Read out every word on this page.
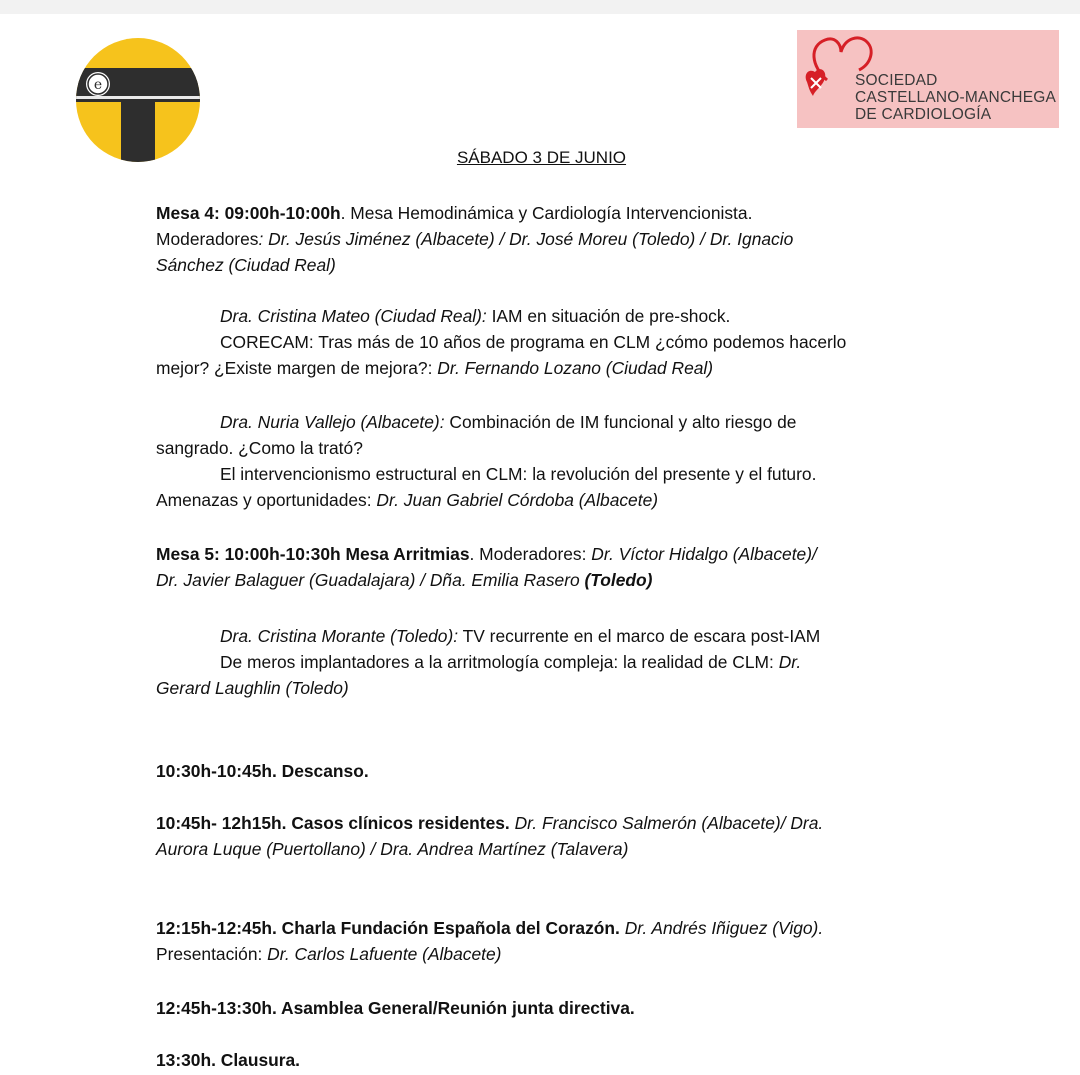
e	SOCIEDAD
CASTELLANO-MANCHEGA
DE CARDIOLOGÍA
SÁBADO 3 DE JUNIO
Mesa 4: 09:00h-10:00h. Mesa Hemodinámica y Cardiología Intervencionista.
Moderadores: Dr. Jesús Jiménez (Albacete) / Dr. José Moreu (Toledo) / Dr. Ignacio
Sánchez (Ciudad Real)
Dra. Cristina Mateo (Ciudad Real): IAM en situación de pre-shock.
CORECAM: Tras más de 10 años de programa en CLM ¿cómo podemos hacerlo
mejor? ¿Existe margen de mejora?: Dr. Fernando Lozano (Ciudad Real)
Dra. Nuria Vallejo (Albacete): Combinación de IM funcional y alto riesgo de
sangrado. ¿Como la trató?
El intervencionismo estructural en CLM: la revolución del presente y el futuro.
Amenazas y oportunidades: Dr. Juan Gabriel Córdoba (Albacete)
Mesa 5: 10:00h-10:30h Mesa Arritmias. Moderadores: Dr. Víctor Hidalgo (Albacete)/
Dr. Javier Balaguer (Guadalajara) / Dña. Emilia Rasero (Toledo)
Dra. Cristina Morante (Toledo): TV recurrente en el marco de escara post-IAM
De meros implantadores a la arritmología compleja: la realidad de CLM: Dr.
Gerard Laughlin (Toledo)
10:30h-10:45h. Descanso.
10:45h- 12h15h. Casos clínicos residentes. Dr. Francisco Salmerón (Albacete)/ Dra.
Aurora Luque (Puertollano) / Dra. Andrea Martínez (Talavera)
12:15h-12:45h. Charla Fundación Española del Corazón. Dr. Andrés Iñiguez (Vigo).
Presentación: Dr. Carlos Lafuente (Albacete)
12:45h-13:30h. Asamblea General/Reunión junta directiva.
13:30h. Clausura.
